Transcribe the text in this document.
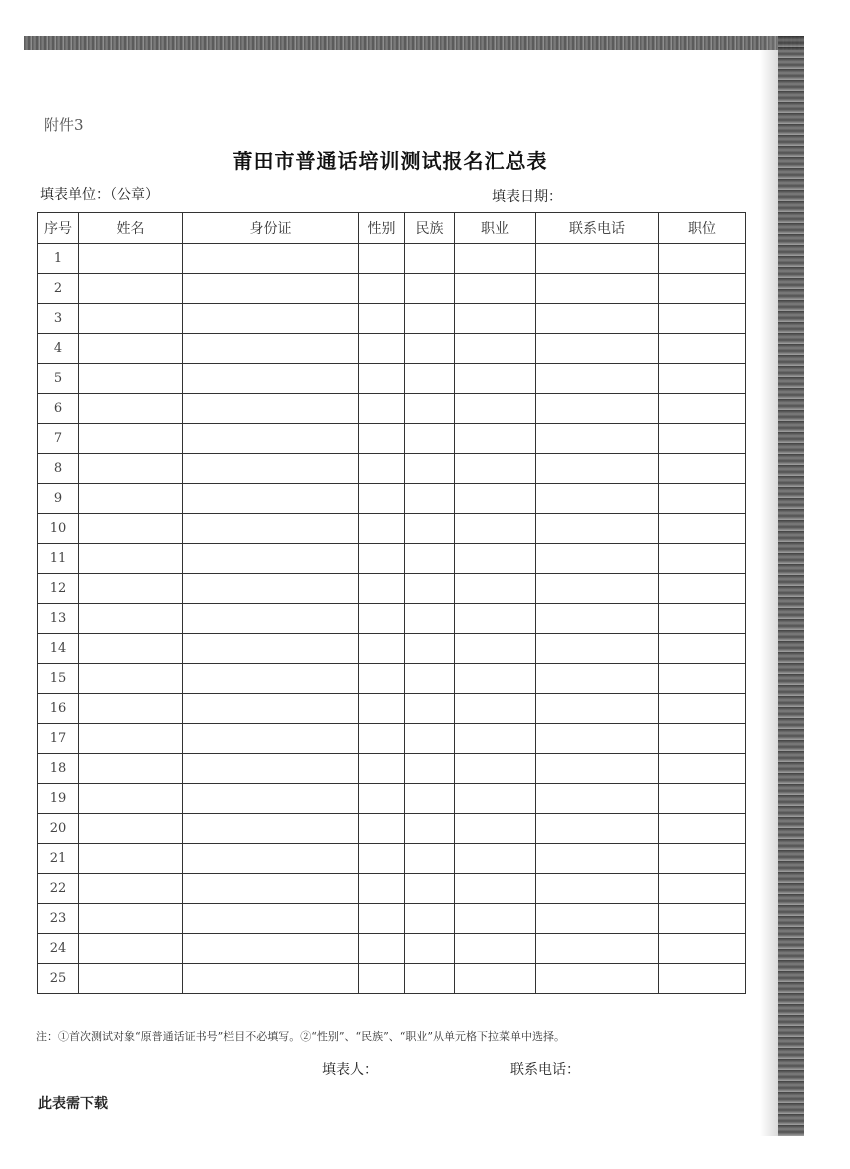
附件3
莆田市普通话培训测试报名汇总表
填表单位：（公章）	填表日期：
序号	姓名	身份证	性别	民族	职业	联系电话	职位
1							
2							
3							
4							
5							
6							
7							
8							
9							
10							
11							
12							
13							
14							
15							
16							
17							
18							
19							
20							
21							
22							
23							
24							
25							
注：①首次测试对象“原普通话证书号”栏目不必填写。②“性别”、“民族”、“职业”从单元格下拉菜单中选择。
填表人：	联系电话：
此表需下载
